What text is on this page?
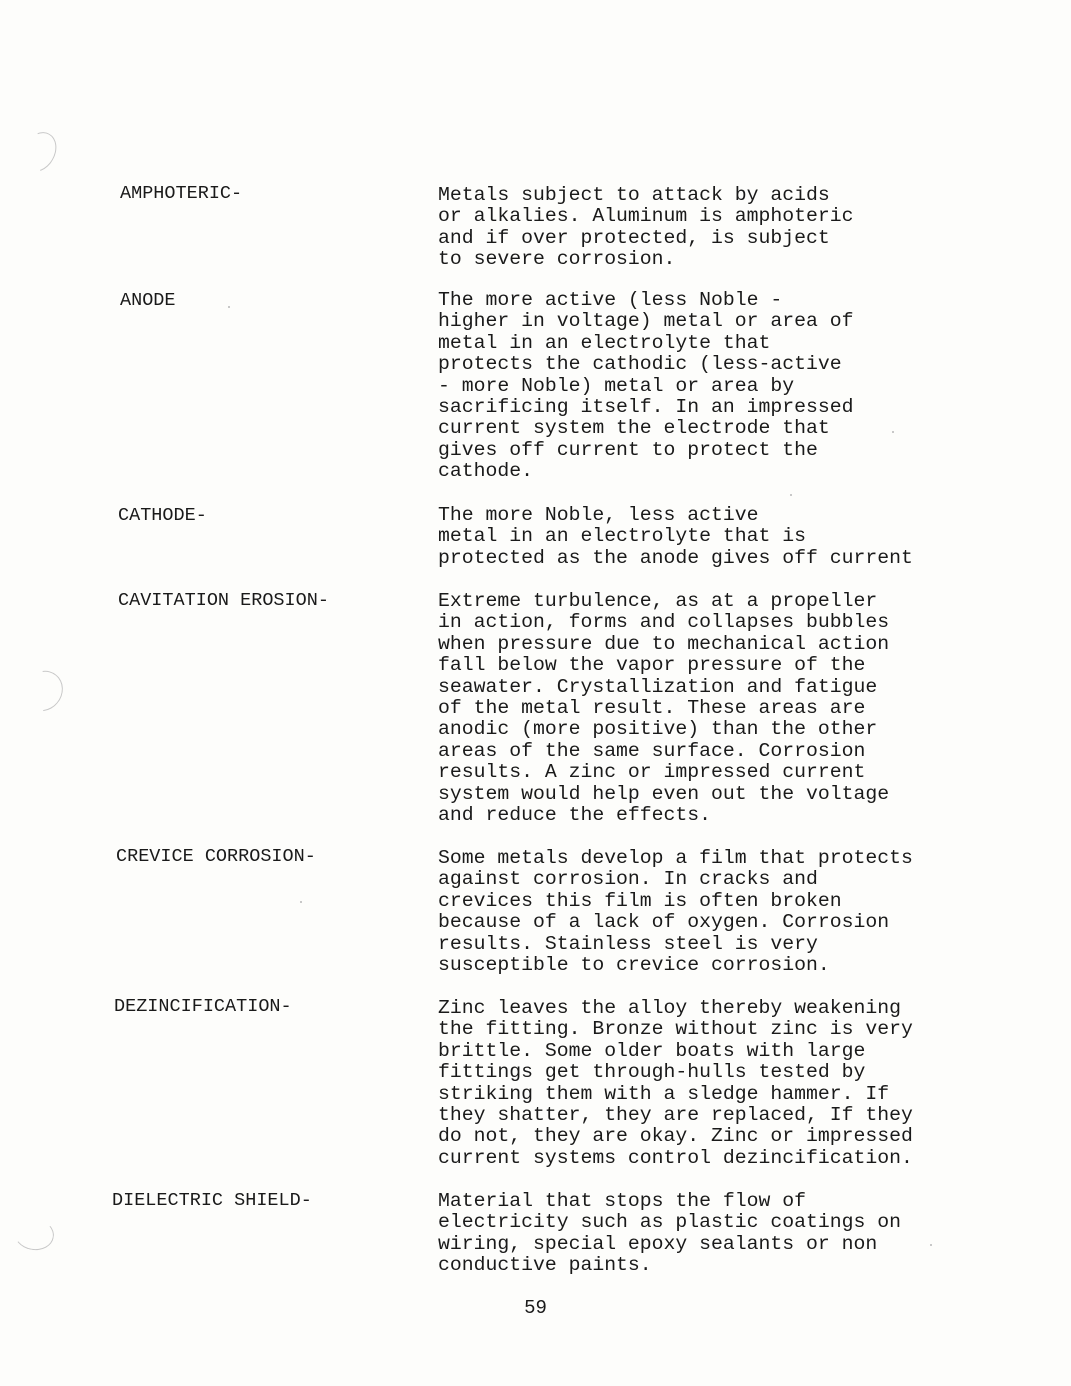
AMPHOTERIC-	Metals subject to attack by acids
or alkalies. Aluminum is amphoteric
and if over protected, is subject
to severe corrosion.
ANODE	The more active (less Noble -
higher in voltage) metal or area of
metal in an electrolyte that
protects the cathodic (less-active
- more Noble) metal or area by
sacrificing itself. In an impressed
current system the electrode that
gives off current to protect the
cathode.
CATHODE-	The more Noble, less active
metal in an electrolyte that is
protected as the anode gives off current
CAVITATION EROSION-	Extreme turbulence, as at a propeller
in action, forms and collapses bubbles
when pressure due to mechanical action
fall below the vapor pressure of the
seawater. Crystallization and fatigue
of the metal result. These areas are
anodic (more positive) than the other
areas of the same surface. Corrosion
results. A zinc or impressed current
system would help even out the voltage
and reduce the effects.
CREVICE CORROSION-	Some metals develop a film that protects
against corrosion. In cracks and
crevices this film is often broken
because of a lack of oxygen. Corrosion
results. Stainless steel is very
susceptible to crevice corrosion.
DEZINCIFICATION-	Zinc leaves the alloy thereby weakening
the fitting. Bronze without zinc is very
brittle. Some older boats with large
fittings get through-hulls tested by
striking them with a sledge hammer. If
they shatter, they are replaced, If they
do not, they are okay. Zinc or impressed
current systems control dezincification.
DIELECTRIC SHIELD-	Material that stops the flow of
electricity such as plastic coatings on
wiring, special epoxy sealants or non
conductive paints.
59
